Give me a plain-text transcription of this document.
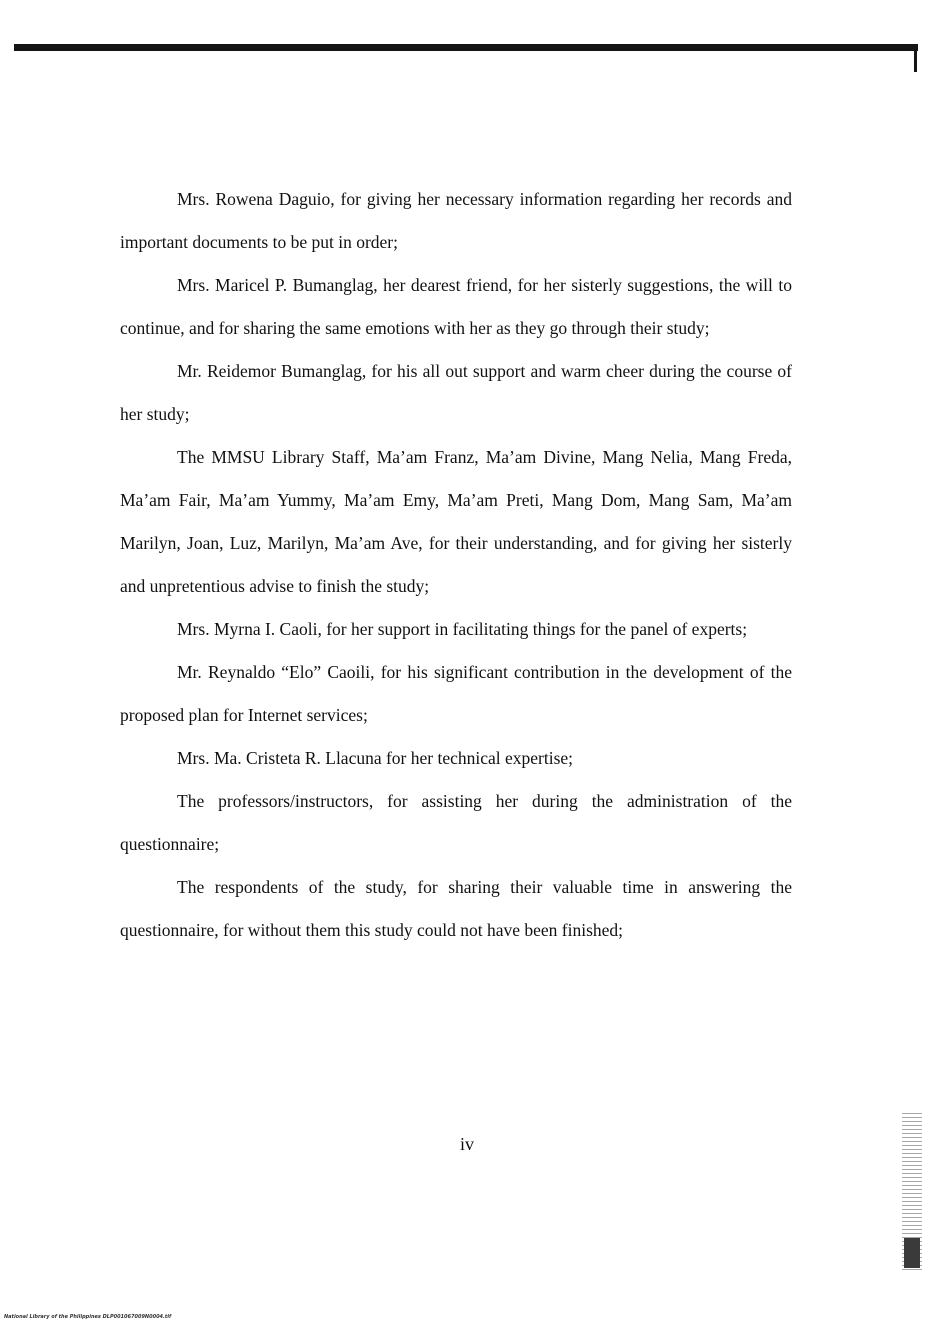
Mrs. Rowena Daguio, for giving her necessary information regarding her records and important documents to be put in order;

Mrs. Maricel P. Bumanglag, her dearest friend, for her sisterly suggestions, the will to continue, and for sharing the same emotions with her as they go through their study;

Mr. Reidemor Bumanglag, for his all out support and warm cheer during the course of her study;

The MMSU Library Staff, Ma’am Franz, Ma’am Divine, Mang Nelia, Mang Freda, Ma’am Fair, Ma’am Yummy, Ma’am Emy, Ma’am Preti, Mang Dom, Mang Sam, Ma’am Marilyn, Joan, Luz, Marilyn, Ma’am Ave, for their understanding, and for giving her sisterly and unpretentious advise to finish the study;

Mrs. Myrna I. Caoli, for her support in facilitating things for the panel of experts;

Mr. Reynaldo “Elo” Caoili, for his significant contribution in the development of the proposed plan for Internet services;

Mrs. Ma. Cristeta R. Llacuna for her technical expertise;

The professors/instructors, for assisting her during the administration of the questionnaire;

The respondents of the study, for sharing their valuable time in answering the questionnaire, for without them this study could not have been finished;

iv
National Library of the Philippines DLP001067009N0004.tif
